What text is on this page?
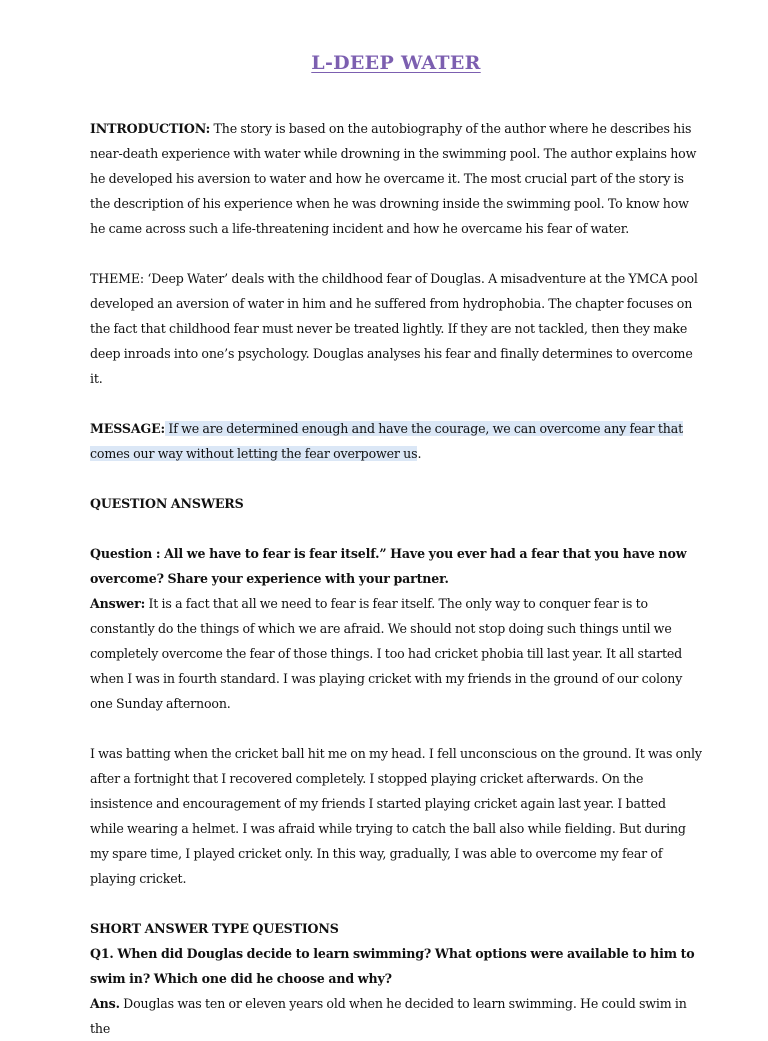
L-DEEP WATER

INTRODUCTION: The story is based on the autobiography of the author where he describes his near-death experience with water while drowning in the swimming pool. The author explains how he developed his aversion to water and how he overcame it. The most crucial part of the story is the description of his experience when he was drowning inside the swimming pool. To know how he came across such a life-threatening incident and how he overcame his fear of water.

THEME: ‘Deep Water’ deals with the childhood fear of Douglas. A misadventure at the YMCA pool developed an aversion of water in him and he suffered from hydrophobia. The chapter focuses on the fact that childhood fear must never be treated lightly. If they are not tackled, then they make deep inroads into one’s psychology. Douglas analyses his fear and finally determines to overcome it.

MESSAGE: If we are determined enough and have the courage, we can overcome any fear that comes our way without letting the fear overpower us.

QUESTION ANSWERS

Question : All we have to fear is fear itself.” Have you ever had a fear that you have now overcome? Share your experience with your partner.

Answer: It is a fact that all we need to fear is fear itself. The only way to conquer fear is to constantly do the things of which we are afraid. We should not stop doing such things until we completely overcome the fear of those things. I too had cricket phobia till last year. It all started when I was in fourth standard. I was playing cricket with my friends in the ground of our colony one Sunday afternoon.

I was batting when the cricket ball hit me on my head. I fell unconscious on the ground. It was only after a fortnight that I recovered completely. I stopped playing cricket afterwards. On the insistence and encouragement of my friends I started playing cricket again last year. I batted while wearing a helmet. I was afraid while trying to catch the ball also while fielding. But during my spare time, I played cricket only. In this way, gradually, I was able to overcome my fear of playing cricket.

SHORT ANSWER TYPE QUESTIONS

Q1. When did Douglas decide to learn swimming? What options were available to him to swim in? Which one did he choose and why?

Ans. Douglas was ten or eleven years old when he decided to learn swimming. He could swim in the
